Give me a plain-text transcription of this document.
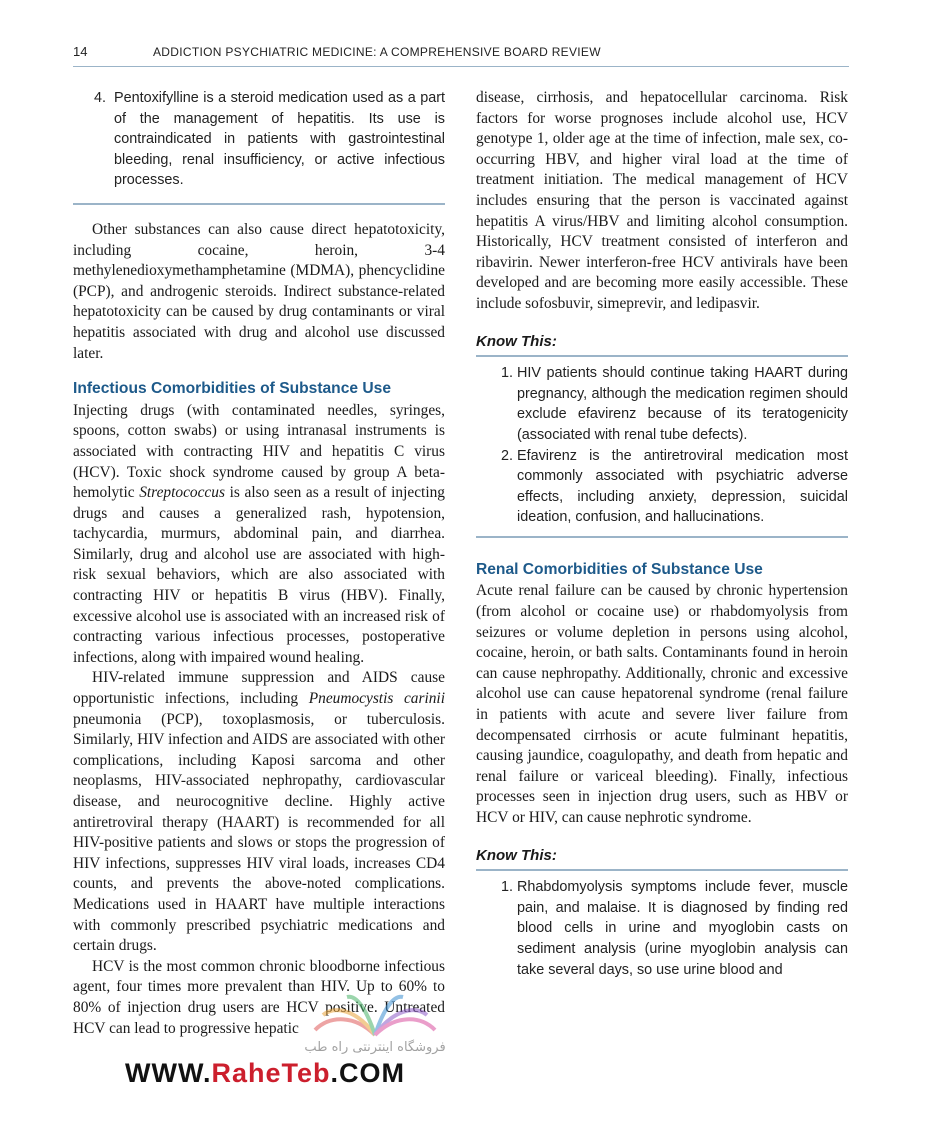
14	ADDICTION PSYCHIATRIC MEDICINE: A COMPREHENSIVE BOARD REVIEW
4. Pentoxifylline is a steroid medication used as a part of the management of hepatitis. Its use is contraindicated in patients with gastrointestinal bleeding, renal insufficiency, or active infectious processes.

Other substances can also cause direct hepatotoxicity, including cocaine, heroin, 3-4 methylenedioxymethamphetamine (MDMA), phencyclidine (PCP), and androgenic steroids. Indirect substance-related hepatotoxicity can be caused by drug contaminants or viral hepatitis associated with drug and alcohol use discussed later.

Infectious Comorbidities of Substance Use

Injecting drugs (with contaminated needles, syringes, spoons, cotton swabs) or using intranasal instruments is associated with contracting HIV and hepatitis C virus (HCV). Toxic shock syndrome caused by group A beta-hemolytic Streptococcus is also seen as a result of injecting drugs and causes a generalized rash, hypotension, tachycardia, murmurs, abdominal pain, and diarrhea. Similarly, drug and alcohol use are associated with high-risk sexual behaviors, which are also associated with contracting HIV or hepatitis B virus (HBV). Finally, excessive alcohol use is associated with an increased risk of contracting various infectious processes, postoperative infections, along with impaired wound healing.

HIV-related immune suppression and AIDS cause opportunistic infections, including Pneumocystis carinii pneumonia (PCP), toxoplasmosis, or tuberculosis. Similarly, HIV infection and AIDS are associated with other complications, including Kaposi sarcoma and other neoplasms, HIV-associated nephropathy, cardiovascular disease, and neurocognitive decline. Highly active antiretroviral therapy (HAART) is recommended for all HIV-positive patients and slows or stops the progression of HIV infections, suppresses HIV viral loads, increases CD4 counts, and prevents the above-noted complications. Medications used in HAART have multiple interactions with commonly prescribed psychiatric medications and certain drugs.

HCV is the most common chronic bloodborne infectious agent, four times more prevalent than HIV. Up to 60% to 80% of injection drug users are HCV positive. Untreated HCV can lead to progressive hepatic

disease, cirrhosis, and hepatocellular carcinoma. Risk factors for worse prognoses include alcohol use, HCV genotype 1, older age at the time of infection, male sex, co-occurring HBV, and higher viral load at the time of treatment initiation. The medical management of HCV includes ensuring that the person is vaccinated against hepatitis A virus/HBV and limiting alcohol consumption. Historically, HCV treatment consisted of interferon and ribavirin. Newer interferon-free HCV antivirals have been developed and are becoming more easily accessible. These include sofosbuvir, simeprevir, and ledipasvir.

Know This:
1. HIV patients should continue taking HAART during pregnancy, although the medication regimen should exclude efavirenz because of its teratogenicity (associated with renal tube defects).
2. Efavirenz is the antiretroviral medication most commonly associated with psychiatric adverse effects, including anxiety, depression, suicidal ideation, confusion, and hallucinations.
Renal Comorbidities of Substance Use

Acute renal failure can be caused by chronic hypertension (from alcohol or cocaine use) or rhabdomyolysis from seizures or volume depletion in persons using alcohol, cocaine, heroin, or bath salts. Contaminants found in heroin can cause nephropathy. Additionally, chronic and excessive alcohol use can cause hepatorenal syndrome (renal failure in patients with acute and severe liver failure from decompensated cirrhosis or acute fulminant hepatitis, causing jaundice, coagulopathy, and death from hepatic and renal failure or variceal bleeding). Finally, infectious processes seen in injection drug users, such as HBV or HCV or HIV, can cause nephrotic syndrome.

Know This:
1. Rhabdomyolysis symptoms include fever, muscle pain, and malaise. It is diagnosed by finding red blood cells in urine and myoglobin casts on sediment analysis (urine myoglobin analysis can take several days, so use urine blood and
فروشگاه اینترنتی راه طب
WWW.RaheTeb.COM
